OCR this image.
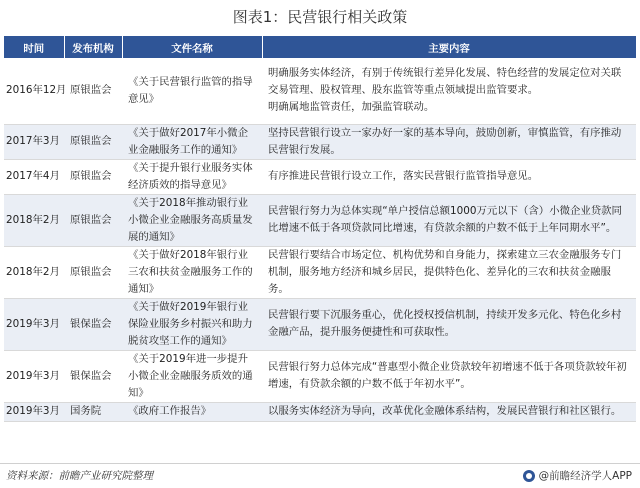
图表1：民营银行相关政策
时间	发布机构	文件名称	主要内容
2016年12月	原银监会	《关于民营银行监管的指导意见》	明确服务实体经济，有别于传统银行差异化发展、特色经营的发展定位对关联交易管理、股权管理、股东监管等重点领域提出监管要求。
明确属地监管责任，加强监管联动。
2017年3月	原银监会	《关于做好2017年小微企业金融服务工作的通知》	坚持民营银行设立一家办好一家的基本导向，鼓励创新，审慎监管，有序推动民营银行发展。
2017年4月	原银监会	《关于提升银行业服务实体经济质效的指导意见》	有序推进民营银行设立工作，落实民营银行监管指导意见。
2018年2月	原银监会	《关于2018年推动银行业小微企业金融服务高质量发展的通知》	民营银行努力为总体实现“单户授信总额1000万元以下（含）小微企业贷款同比增速不低于各项贷款同比增速，有贷款余额的户数不低于上年同期水平”。
2018年2月	原银监会	《关于做好2018年银行业三农和扶贫金融服务工作的通知》	民营银行要结合市场定位、机构优势和自身能力，探索建立三农金融服务专门机制，服务地方经济和城乡居民，提供特色化、差异化的三农和扶贫金融服务。
2019年3月	银保监会	《关于做好2019年银行业保险业服务乡村振兴和助力脱贫攻坚工作的通知》	民营银行要下沉服务重心，优化授权授信机制，持续开发多元化、特色化乡村金融产品，提升服务便捷性和可获取性。
2019年3月	银保监会	《关于2019年进一步提升小微企业金融服务质效的通知》	民营银行努力总体完成“普惠型小微企业贷款较年初增速不低于各项贷款较年初增速，有贷款余额的户数不低于年初水平”。
2019年3月	国务院	《政府工作报告》	以服务实体经济为导向，改革优化金融体系结构，发展民营银行和社区银行。
资料来源：前瞻产业研究院整理	@前瞻经济学人APP
